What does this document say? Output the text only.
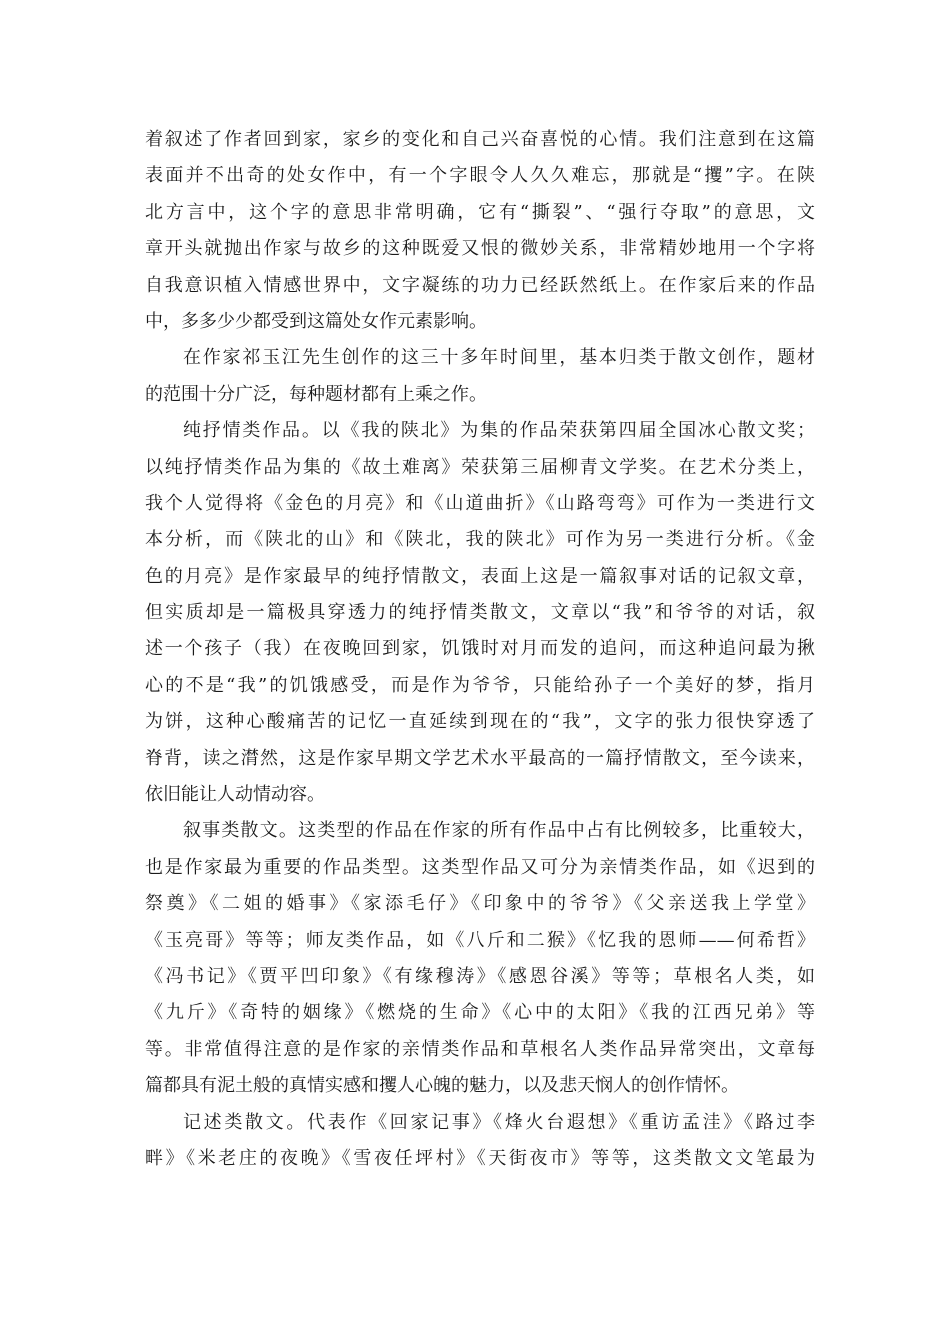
着叙述了作者回到家，家乡的变化和自己兴奋喜悦的心情。我们注意到在这篇
表面并不出奇的处女作中，有一个字眼令人久久难忘，那就是“攫”字。在陕
北方言中，这个字的意思非常明确，它有“撕裂”、“强行夺取”的意思，文
章开头就抛出作家与故乡的这种既爱又恨的微妙关系，非常精妙地用一个字将
自我意识植入情感世界中，文字凝练的功力已经跃然纸上。在作家后来的作品
中，多多少少都受到这篇处女作元素影响。
在作家祁玉江先生创作的这三十多年时间里，基本归类于散文创作，题材
的范围十分广泛，每种题材都有上乘之作。
纯抒情类作品。以《我的陕北》为集的作品荣获第四届全国冰心散文奖；
以纯抒情类作品为集的《故土难离》荣获第三届柳青文学奖。在艺术分类上，
我个人觉得将《金色的月亮》和《山道曲折》《山路弯弯》可作为一类进行文
本分析，而《陕北的山》和《陕北，我的陕北》可作为另一类进行分析。《金
色的月亮》是作家最早的纯抒情散文，表面上这是一篇叙事对话的记叙文章，
但实质却是一篇极具穿透力的纯抒情类散文，文章以“我”和爷爷的对话，叙
述一个孩子（我）在夜晚回到家，饥饿时对月而发的追问，而这种追问最为揪
心的不是“我”的饥饿感受，而是作为爷爷，只能给孙子一个美好的梦，指月
为饼，这种心酸痛苦的记忆一直延续到现在的“我”，文字的张力很快穿透了
脊背，读之潸然，这是作家早期文学艺术水平最高的一篇抒情散文，至今读来，
依旧能让人动情动容。
叙事类散文。这类型的作品在作家的所有作品中占有比例较多，比重较大，
也是作家最为重要的作品类型。这类型作品又可分为亲情类作品，如《迟到的
祭奠》《二姐的婚事》《家添毛仔》《印象中的爷爷》《父亲送我上学堂》
《玉亮哥》等等；师友类作品，如《八斤和二猴》《忆我的恩师——何希哲》
《冯书记》《贾平凹印象》《有缘穆涛》《感恩谷溪》等等；草根名人类，如
《九斤》《奇特的姻缘》《燃烧的生命》《心中的太阳》《我的江西兄弟》等
等。非常值得注意的是作家的亲情类作品和草根名人类作品异常突出，文章每
篇都具有泥土般的真情实感和攫人心魄的魅力，以及悲天悯人的创作情怀。
记述类散文。代表作《回家记事》《烽火台遐想》《重访孟洼》《路过李
畔》《米老庄的夜晚》《雪夜任坪村》《天街夜市》等等，这类散文文笔最为
